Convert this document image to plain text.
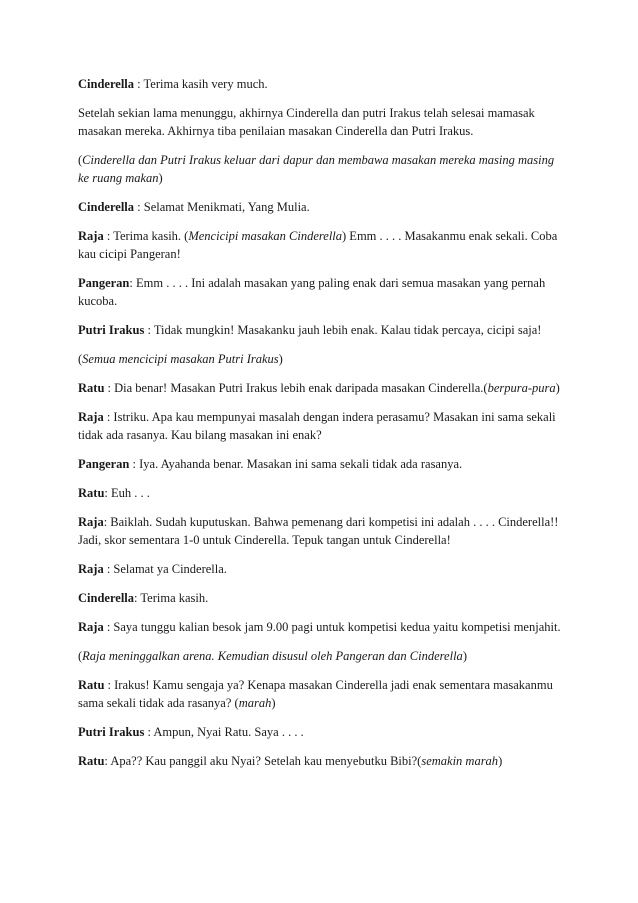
Cinderella : Terima kasih very much.

Setelah sekian lama menunggu, akhirnya Cinderella dan putri Irakus telah selesai mamasak masakan mereka. Akhirnya tiba penilaian masakan Cinderella dan Putri Irakus.

(Cinderella dan Putri Irakus keluar dari dapur dan membawa masakan mereka masing masing ke ruang makan)

Cinderella : Selamat Menikmati, Yang Mulia.

Raja : Terima kasih. (Mencicipi masakan Cinderella) Emm . . . . Masakanmu enak sekali. Coba kau cicipi Pangeran!

Pangeran: Emm . . . . Ini adalah masakan yang paling enak dari semua masakan yang pernah kucoba.

Putri Irakus : Tidak mungkin! Masakanku jauh lebih enak. Kalau tidak percaya, cicipi saja!

(Semua mencicipi masakan Putri Irakus)

Ratu : Dia benar! Masakan Putri Irakus lebih enak daripada masakan Cinderella.(berpura-pura)

Raja : Istriku. Apa kau mempunyai masalah dengan indera perasamu? Masakan ini sama sekali tidak ada rasanya. Kau bilang masakan ini enak?

Pangeran : Iya. Ayahanda benar. Masakan ini sama sekali tidak ada rasanya.

Ratu: Euh . . .

Raja: Baiklah. Sudah kuputuskan. Bahwa pemenang dari kompetisi ini adalah . . . . Cinderella!! Jadi, skor sementara 1-0 untuk Cinderella. Tepuk tangan untuk Cinderella!

Raja : Selamat ya Cinderella.

Cinderella: Terima kasih.

Raja : Saya tunggu kalian besok jam 9.00 pagi untuk kompetisi kedua yaitu kompetisi menjahit.

(Raja meninggalkan arena. Kemudian disusul oleh Pangeran dan Cinderella)

Ratu : Irakus! Kamu sengaja ya? Kenapa masakan Cinderella jadi enak sementara masakanmu sama sekali tidak ada rasanya? (marah)

Putri Irakus : Ampun, Nyai Ratu. Saya . . . .

Ratu: Apa?? Kau panggil aku Nyai? Setelah kau menyebutku Bibi?(semakin marah)
